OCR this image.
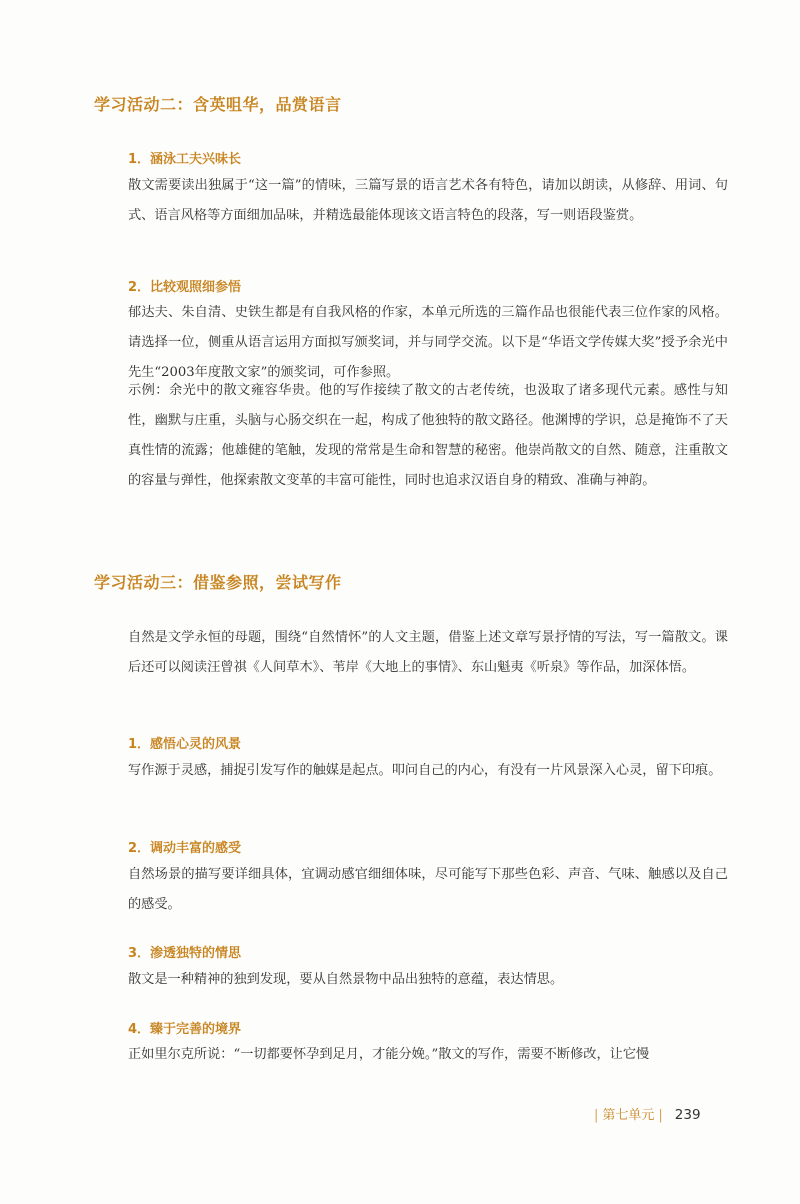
学习活动二：含英咀华，品赏语言
1．涵泳工夫兴味长

散文需要读出独属于“这一篇”的情味，三篇写景的语言艺术各有特色，请加以朗读，从修辞、用词、句式、语言风格等方面细加品味，并精选最能体现该文语言特色的段落，写一则语段鉴赏。

2．比较观照细参悟

郁达夫、朱自清、史铁生都是有自我风格的作家，本单元所选的三篇作品也很能代表三位作家的风格。请选择一位，侧重从语言运用方面拟写颁奖词，并与同学交流。以下是“华语文学传媒大奖”授予余光中先生“2003年度散文家”的颁奖词，可作参照。

示例：余光中的散文雍容华贵。他的写作接续了散文的古老传统，也汲取了诸多现代元素。感性与知性，幽默与庄重，头脑与心肠交织在一起，构成了他独特的散文路径。他渊博的学识，总是掩饰不了天真性情的流露；他雄健的笔触，发现的常常是生命和智慧的秘密。他崇尚散文的自然、随意，注重散文的容量与弹性，他探索散文变革的丰富可能性，同时也追求汉语自身的精致、准确与神韵。

学习活动三：借鉴参照，尝试写作

自然是文学永恒的母题，围绕“自然情怀”的人文主题，借鉴上述文章写景抒情的写法，写一篇散文。课后还可以阅读汪曾祺《人间草木》、苇岸《大地上的事情》、东山魁夷《听泉》等作品，加深体悟。

1．感悟心灵的风景

写作源于灵感，捕捉引发写作的触媒是起点。叩问自己的内心，有没有一片风景深入心灵，留下印痕。

2．调动丰富的感受

自然场景的描写要详细具体，宜调动感官细细体味，尽可能写下那些色彩、声音、气味、触感以及自己的感受。

3．渗透独特的情思

散文是一种精神的独到发现，要从自然景物中品出独特的意蕴，表达情思。

4．臻于完善的境界

正如里尔克所说：“一切都要怀孕到足月，才能分娩。”散文的写作，需要不断修改，让它慢

| 第七单元 | 239
